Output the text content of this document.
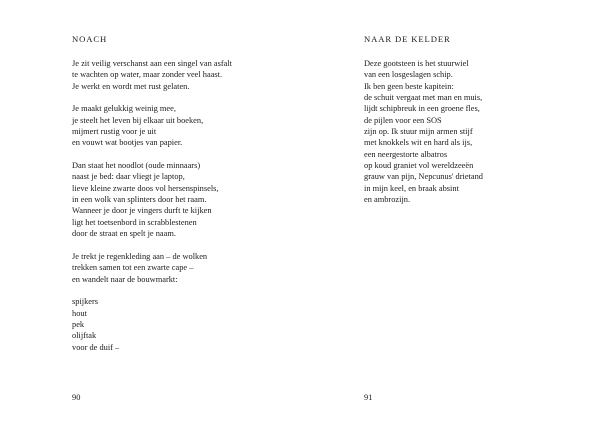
NOACH
Je zit veilig verschanst aan een singel van asfalt
te wachten op water, maar zonder veel haast.
Je werkt en wordt met rust gelaten.
Je maakt gelukkig weinig mee,
je steelt het leven bij elkaar uit boeken,
mijmert rustig voor je uit
en vouwt wat bootjes van papier.
Dan staat het noodlot (oude minnaars)
naast je bed: daar vliegt je laptop,
lieve kleine zwarte doos vol hersenspinsels,
in een wolk van splinters door het raam.
Wanneer je door je vingers durft te kijken
ligt het toetsenbord in scrabblestenen
door de straat en spelt je naam.
Je trekt je regenkleding aan – de wolken
trekken samen tot een zwarte cape –
en wandelt naar de bouwmarkt:
spijkers
hout
pek
olijftak
voor de duif –
90
NAAR DE KELDER
Deze gootsteen is het stuurwiel
van een losgeslagen schip.
Ik ben geen beste kapitein:
de schuit vergaat met man en muis,
lijdt schipbreuk in een groene fles,
de pijlen voor een SOS
zijn op. Ik stuur mijn armen stijf
met knokkels wit en hard als ijs,
een neergestorte albatros
op koud graniet vol wereldzeeën
grauw van pijn, Nepcunus' drietand
in mijn keel, en braak absint
en ambrozijn.
91
